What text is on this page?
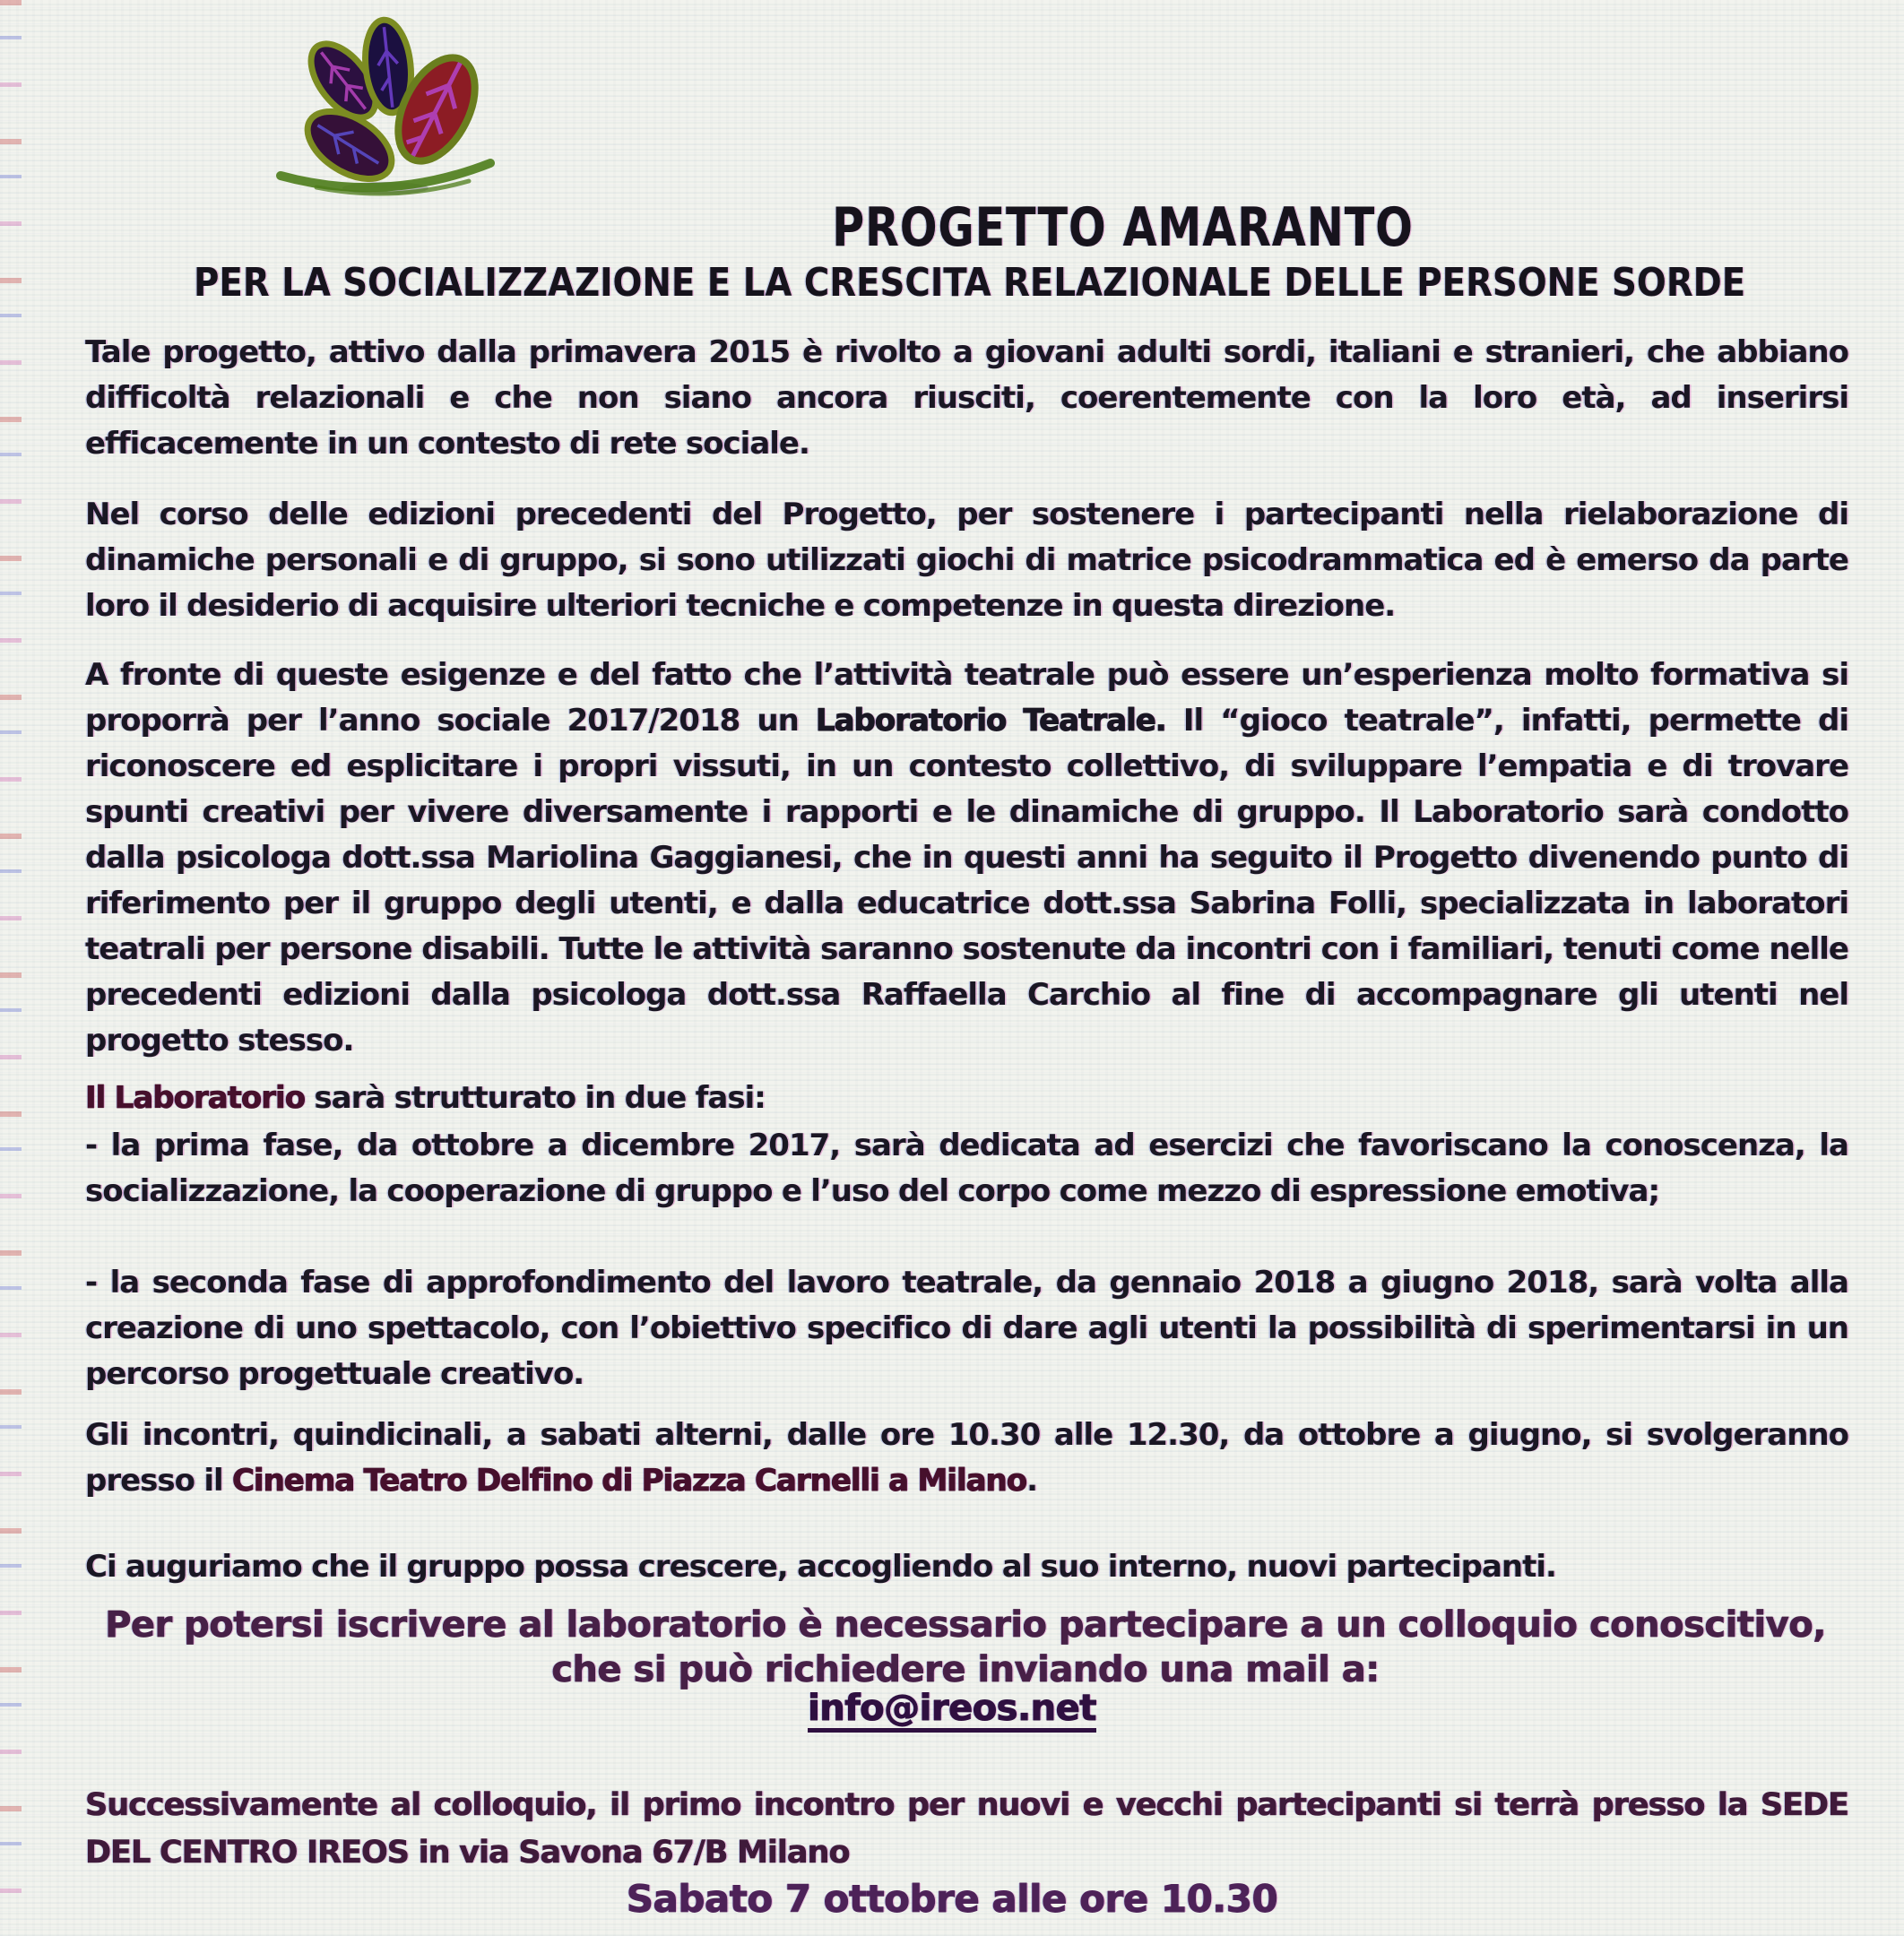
PROGETTO AMARANTO
PER LA SOCIALIZZAZIONE E LA CRESCITA RELAZIONALE DELLE PERSONE SORDE

Tale progetto, attivo dalla primavera 2015 è rivolto a giovani adulti sordi, italiani e stranieri, che abbiano difficoltà relazionali e che non siano ancora riusciti, coerentemente con la loro età, ad inserirsi efficacemente in un contesto di rete sociale.

Nel corso delle edizioni precedenti del Progetto, per sostenere i partecipanti nella rielaborazione di dinamiche personali e di gruppo, si sono utilizzati giochi di matrice psicodrammatica ed è emerso da parte loro il desiderio di acquisire ulteriori tecniche e competenze in questa direzione.

A fronte di queste esigenze e del fatto che l’attività teatrale può essere un’esperienza molto formativa si proporrà per l’anno sociale 2017/2018 un Laboratorio Teatrale. Il “gioco teatrale”, infatti, permette di riconoscere ed esplicitare i propri vissuti, in un contesto collettivo, di sviluppare l’empatia e di trovare spunti creativi per vivere diversamente i rapporti e le dinamiche di gruppo. Il Laboratorio sarà condotto dalla psicologa dott.ssa Mariolina Gaggianesi, che in questi anni ha seguito il Progetto divenendo punto di riferimento per il gruppo degli utenti, e dalla educatrice dott.ssa Sabrina Folli, specializzata in laboratori teatrali per persone disabili. Tutte le attività saranno sostenute da incontri con i familiari, tenuti come nelle precedenti edizioni dalla psicologa dott.ssa Raffaella Carchio al fine di accompagnare gli utenti nel progetto stesso.

Il Laboratorio sarà strutturato in due fasi:

- la prima fase, da ottobre a dicembre 2017, sarà dedicata ad esercizi che favoriscano la conoscenza, la socializzazione, la cooperazione di gruppo e l’uso del corpo come mezzo di espressione emotiva;

- la seconda fase di approfondimento del lavoro teatrale, da gennaio 2018 a giugno 2018, sarà volta alla creazione di uno spettacolo, con l’obiettivo specifico di dare agli utenti la possibilità di sperimentarsi in un percorso progettuale creativo.

Gli incontri, quindicinali, a sabati alterni, dalle ore 10.30 alle 12.30, da ottobre a giugno, si svolgeranno presso il Cinema Teatro Delfino di Piazza Carnelli a Milano.

Ci auguriamo che il gruppo possa crescere, accogliendo al suo interno, nuovi partecipanti.

Per potersi iscrivere al laboratorio è necessario partecipare a un colloquio conoscitivo, che si può richiedere inviando una mail a:

info@ireos.net

Successivamente al colloquio, il primo incontro per nuovi e vecchi partecipanti si terrà presso la SEDE DEL CENTRO IREOS in via Savona 67/B Milano

Sabato 7 ottobre alle ore 10.30
